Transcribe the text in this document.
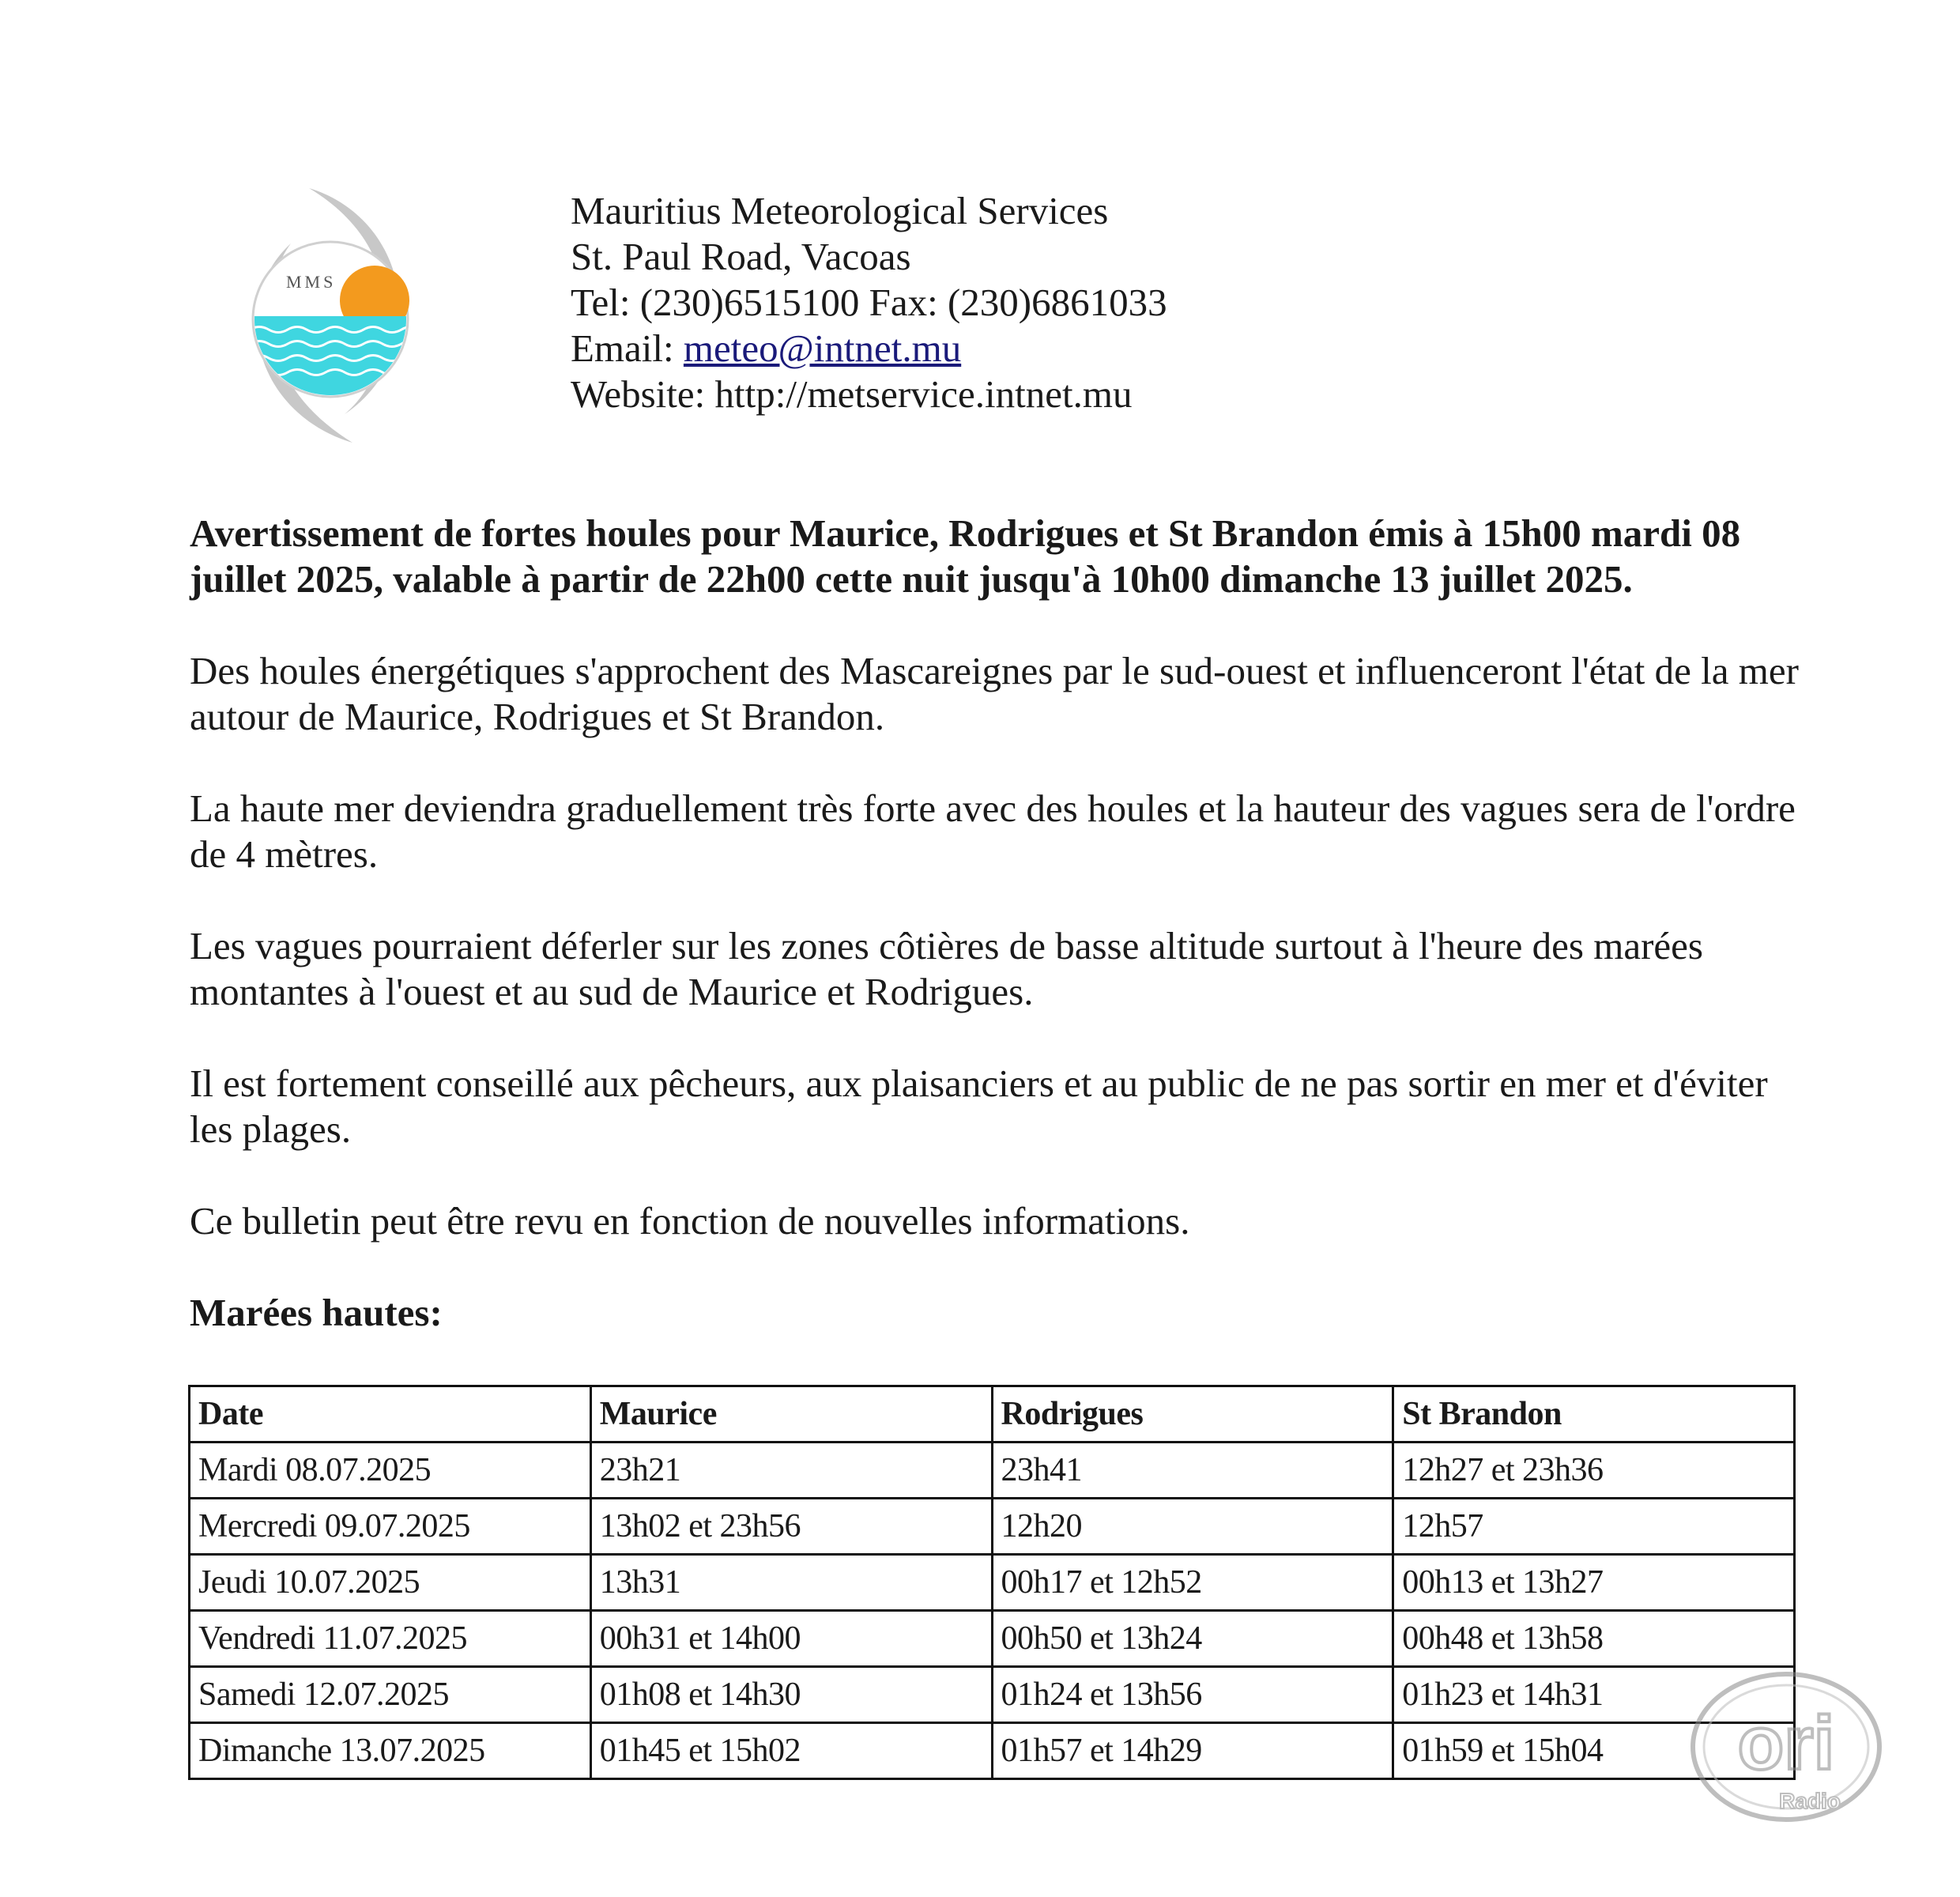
MMS
Mauritius Meteorological Services
St. Paul Road, Vacoas
Tel: (230)6515100 Fax: (230)6861033
Email: meteo@intnet.mu
Website: http://metservice.intnet.mu

Avertissement de fortes houles pour Maurice, Rodrigues et St Brandon émis à 15h00 mardi 08 juillet 2025, valable à partir de 22h00 cette nuit jusqu'à 10h00 dimanche 13 juillet 2025.

Des houles énergétiques s'approchent des Mascareignes par le sud-ouest et influenceront l'état de la mer autour de Maurice, Rodrigues et St Brandon.

La haute mer deviendra graduellement très forte avec des houles et la hauteur des vagues sera de l'ordre de 4 mètres.

Les vagues pourraient déferler sur les zones côtières de basse altitude surtout à l'heure des marées montantes à l'ouest et au sud de Maurice et Rodrigues.

Il est fortement conseillé aux pêcheurs, aux plaisanciers et au public de ne pas sortir en mer et d'éviter les plages.

Ce bulletin peut être revu en fonction de nouvelles informations.

Marées hautes:
Date	Maurice	Rodrigues	St Brandon
Mardi 08.07.2025	23h21	23h41	12h27 et 23h36
Mercredi 09.07.2025	13h02 et 23h56	12h20	12h57
Jeudi 10.07.2025	13h31	00h17 et 12h52	00h13 et 13h27
Vendredi 11.07.2025	00h31 et 14h00	00h50 et 13h24	00h48 et 13h58
Samedi 12.07.2025	01h08 et 14h30	01h24 et 13h56	01h23 et 14h31
Dimanche 13.07.2025	01h45 et 15h02	01h57 et 14h29	01h59 et 15h04 ori
Radio
